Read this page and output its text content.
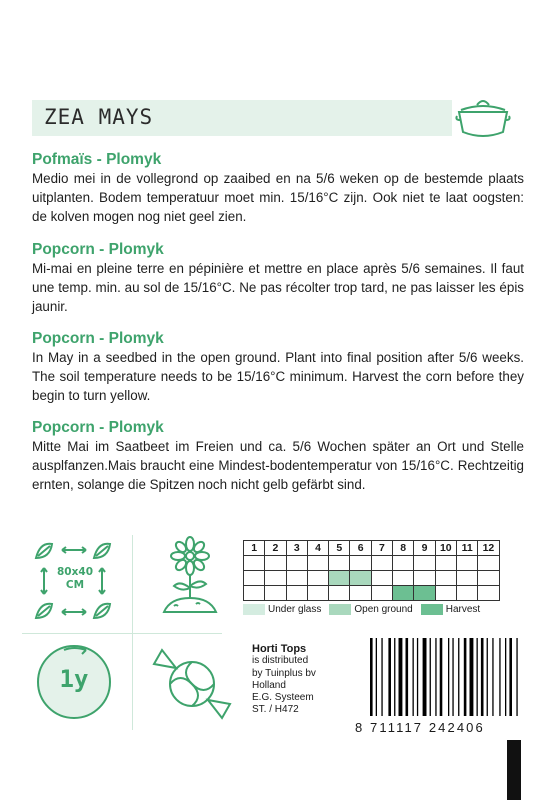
ZEA MAYS
Pofmaïs - Plomyk

Medio mei in de vollegrond op zaaibed en na 5/6 weken op de bestemde plaats uitplanten. Bodem temperatuur moet min. 15/16°C zijn. Ook niet te laat oogsten: de kolven mogen nog niet geel zien.

Popcorn - Plomyk

Mi-mai en pleine terre en pépinière et mettre en place après 5/6 semaines. Il faut une temp. min. au sol de 15/16°C. Ne pas récolter trop tard, ne pas laisser les épis jaunir.

Popcorn - Plomyk

In May in a seedbed in the open ground. Plant into final position after 5/6 weeks. The soil temperature needs to be 15/16°C minimum. Harvest the corn before they begin to turn yellow.

Popcorn - Plomyk

Mitte Mai im Saatbeet im Freien und ca. 5/6 Wochen später an Ort und Stelle ausplfanzen.Mais braucht eine Mindest-bodentemperatur von 15/16°C. Rechtzeitig ernten, solange die Spitzen noch nicht gelb gefärbt sind.

80x40
CM
1y
1	2	3	4	5	6	7	8	9	10	11	12

Under glass	Open ground	Harvest
Horti Tops
is distributed
by Tuinplus bv
Holland
E.G. Systeem
ST. / H472
8 711117 242406
